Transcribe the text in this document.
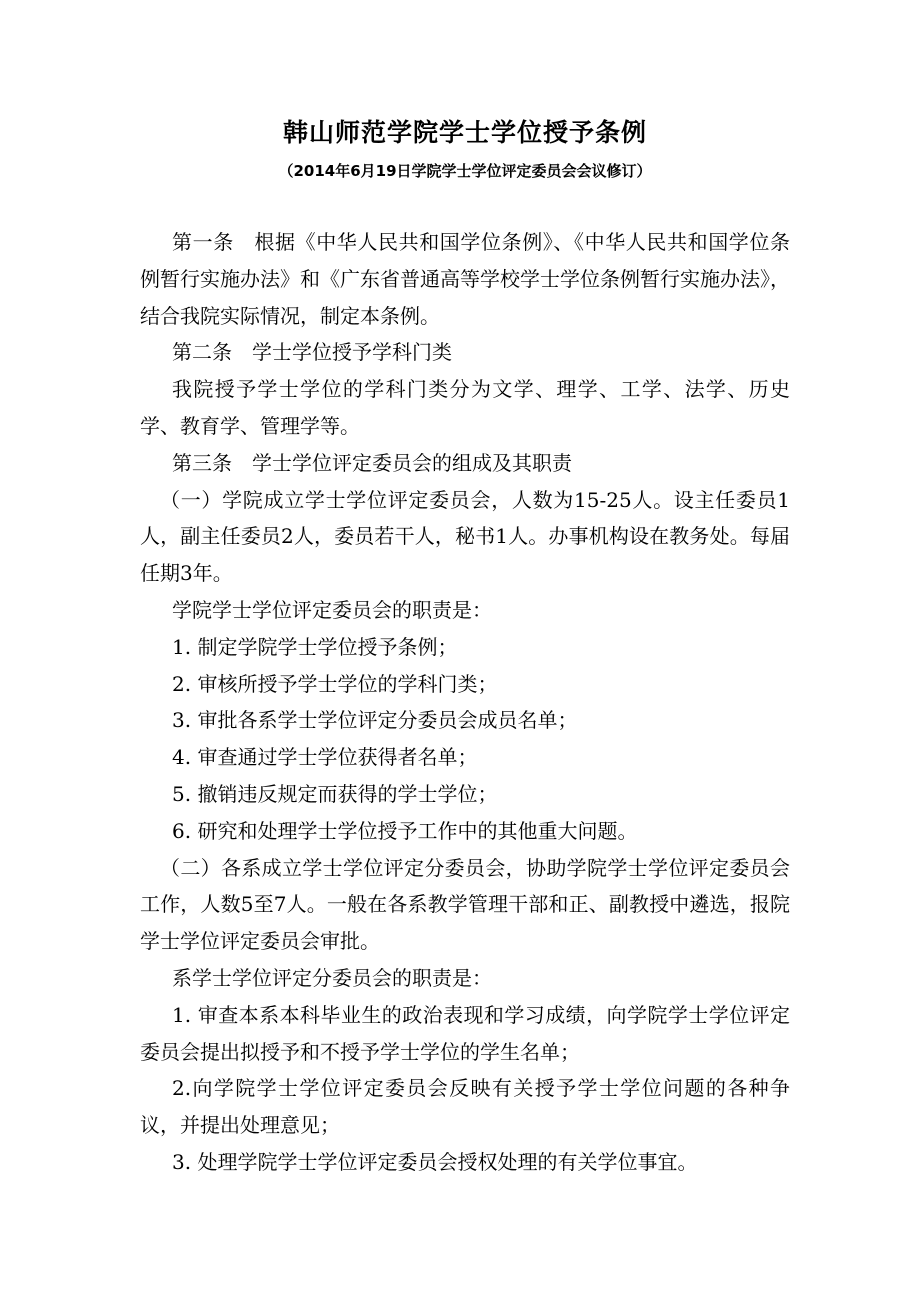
韩山师范学院学士学位授予条例
（2014年6月19日学院学士学位评定委员会会议修订）

第一条　根据《中华人民共和国学位条例》、《中华人民共和国学位条例暂行实施办法》和《广东省普通高等学校学士学位条例暂行实施办法》，结合我院实际情况，制定本条例。

第二条　学士学位授予学科门类

我院授予学士学位的学科门类分为文学、理学、工学、法学、历史学、教育学、管理学等。

第三条　学士学位评定委员会的组成及其职责

（一）学院成立学士学位评定委员会，人数为15-25人。设主任委员1人，副主任委员2人，委员若干人，秘书1人。办事机构设在教务处。每届任期3年。

学院学士学位评定委员会的职责是：

1. 制定学院学士学位授予条例；

2. 审核所授予学士学位的学科门类；

3. 审批各系学士学位评定分委员会成员名单；

4. 审查通过学士学位获得者名单；

5. 撤销违反规定而获得的学士学位；

6. 研究和处理学士学位授予工作中的其他重大问题。

（二）各系成立学士学位评定分委员会，协助学院学士学位评定委员会工作，人数5至7人。一般在各系教学管理干部和正、副教授中遴选，报院学士学位评定委员会审批。

系学士学位评定分委员会的职责是：

1. 审查本系本科毕业生的政治表现和学习成绩，向学院学士学位评定委员会提出拟授予和不授予学士学位的学生名单；

2.向学院学士学位评定委员会反映有关授予学士学位问题的各种争议，并提出处理意见；

3. 处理学院学士学位评定委员会授权处理的有关学位事宜。
